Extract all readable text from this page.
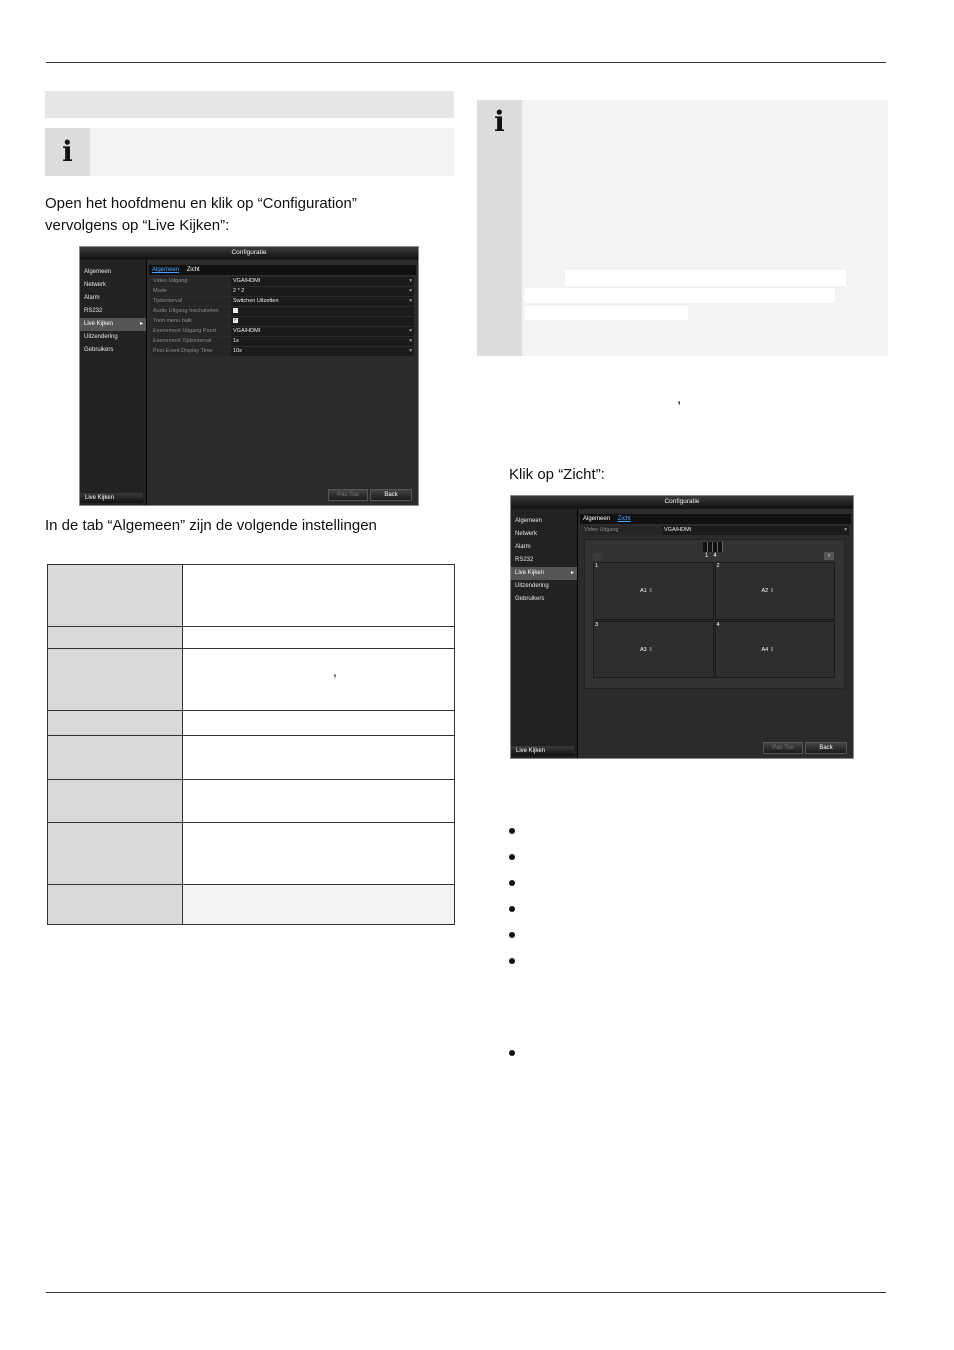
i
Open het hoofdmenu en klik op “Configuration” vervolgens op “Live Kijken”:
Configuratie
Algemeen
Netwerk
Alarm
RS232
Live Kijken	▸
Uitzendering
Gebruikers
Live Kijken
Algemeen Zicht
Video Uitgang	VGA/HDMI ▾
Mode	2 * 2 ▾
Tijdsinterval	Switchen Uitzetten ▾
Audio Uitgang Inschakelen
Toon menu balk	✓
Evenement Uitgang Poort	VGA/HDMI ▾
Evenement Tijdsinterval	1s ▾
Post Event Display Time	10s ▾
Pas Toe	Back
In de tab “Algemeen” zijn de volgende instellingen

	,

i
,
Klik op “Zicht”:
Configuratie
Algemeen
Netwerk
Alarm
RS232
Live Kijken	▸
Uitzendering
Gebruikers
Live Kijken
Algemeen Zicht
Video Uitgang	VGA/HDMI ▾
‹	1 4	›
1
A1 ⇕
2
A2 ⇕
3
A3 ⇕
4
A4 ⇕
Pas Toe	Back
